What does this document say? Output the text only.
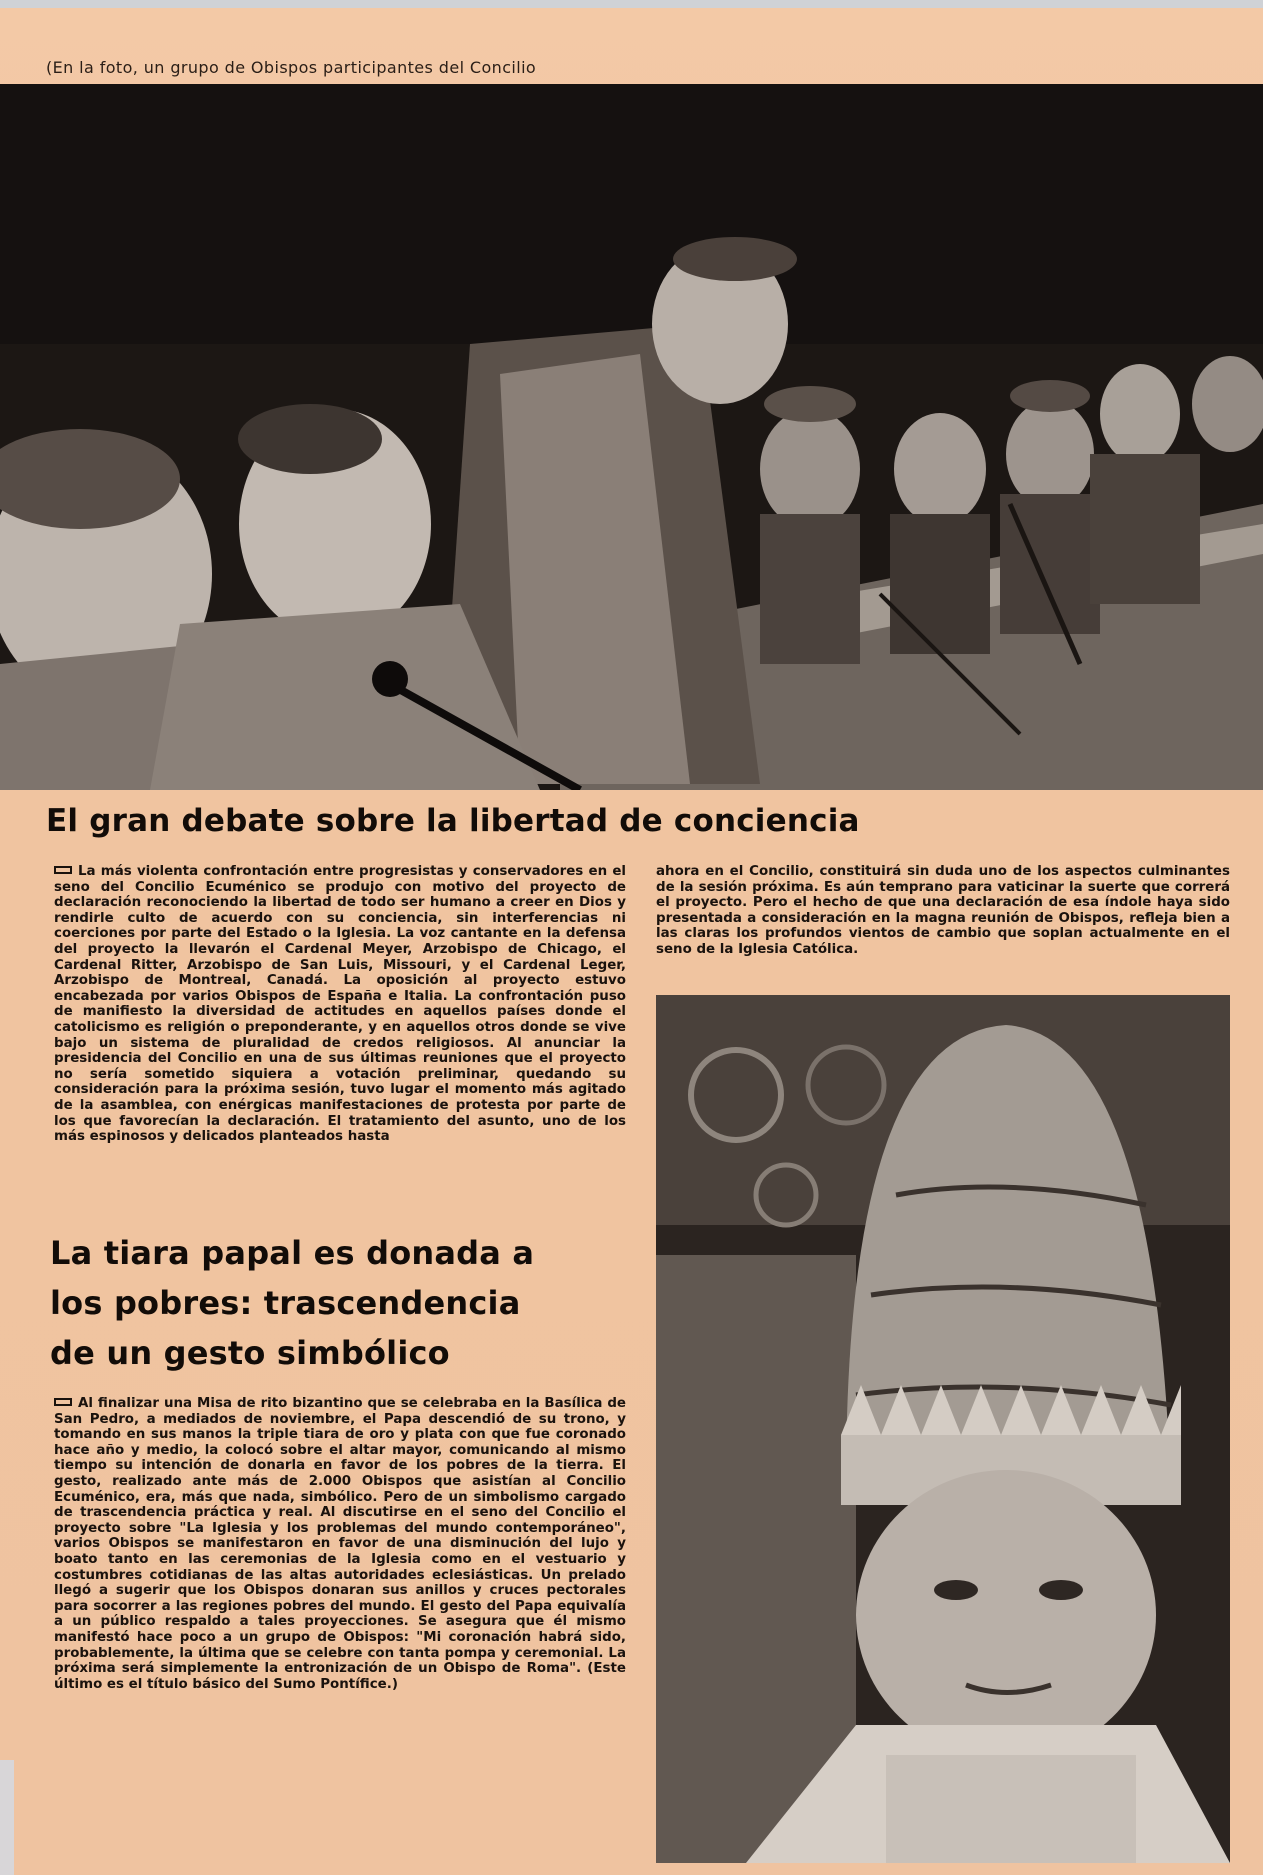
(En la foto, un grupo de Obispos participantes del Concilio
El gran debate sobre la libertad de conciencia
La más violenta confrontación entre progresistas y conservadores en el seno del Concilio Ecuménico se produjo con motivo del proyecto de declaración reconociendo la libertad de todo ser humano a creer en Dios y rendirle culto de acuerdo con su conciencia, sin interferencias ni coerciones por parte del Estado o la Iglesia. La voz cantante en la defensa del proyecto la llevarón el Cardenal Meyer, Arzobispo de Chicago, el Cardenal Ritter, Arzobispo de San Luis, Missouri, y el Cardenal Leger, Arzobispo de Montreal, Canadá. La oposición al proyecto estuvo encabezada por varios Obispos de España e Italia. La confrontación puso de manifiesto la diversidad de actitudes en aquellos países donde el catolicismo es religión o preponderante, y en aquellos otros donde se vive bajo un sistema de pluralidad de credos religiosos. Al anunciar la presidencia del Concilio en una de sus últimas reuniones que el proyecto no sería sometido siquiera a votación preliminar, quedando su consideración para la próxima sesión, tuvo lugar el momento más agitado de la asamblea, con enérgicas manifestaciones de protesta por parte de los que favorecían la declaración. El tratamiento del asunto, uno de los más espinosos y delicados planteados hasta
ahora en el Concilio, constituirá sin duda uno de los aspectos culminantes de la sesión próxima. Es aún temprano para vaticinar la suerte que correrá el proyecto. Pero el hecho de que una declaración de esa índole haya sido presentada a consideración en la magna reunión de Obispos, refleja bien a las claras los profundos vientos de cambio que soplan actualmente en el seno de la Iglesia Católica.
La tiara papal es donada a los pobres: trascendencia de un gesto simbólico
Al finalizar una Misa de rito bizantino que se celebraba en la Basílica de San Pedro, a mediados de noviembre, el Papa descendió de su trono, y tomando en sus manos la triple tiara de oro y plata con que fue coronado hace año y medio, la colocó sobre el altar mayor, comunicando al mismo tiempo su intención de donarla en favor de los pobres de la tierra. El gesto, realizado ante más de 2.000 Obispos que asistían al Concilio Ecuménico, era, más que nada, simbólico. Pero de un simbolismo cargado de trascendencia práctica y real. Al discutirse en el seno del Concilio el proyecto sobre "La Iglesia y los problemas del mundo contemporáneo", varios Obispos se manifestaron en favor de una disminución del lujo y boato tanto en las ceremonias de la Iglesia como en el vestuario y costumbres cotidianas de las altas autoridades eclesiásticas. Un prelado llegó a sugerir que los Obispos donaran sus anillos y cruces pectorales para socorrer a las regiones pobres del mundo. El gesto del Papa equivalía a un público respaldo a tales proyecciones. Se asegura que él mismo manifestó hace poco a un grupo de Obispos: "Mi coronación habrá sido, probablemente, la última que se celebre con tanta pompa y ceremonial. La próxima será simplemente la entronización de un Obispo de Roma". (Este último es el título básico del Sumo Pontífice.)
